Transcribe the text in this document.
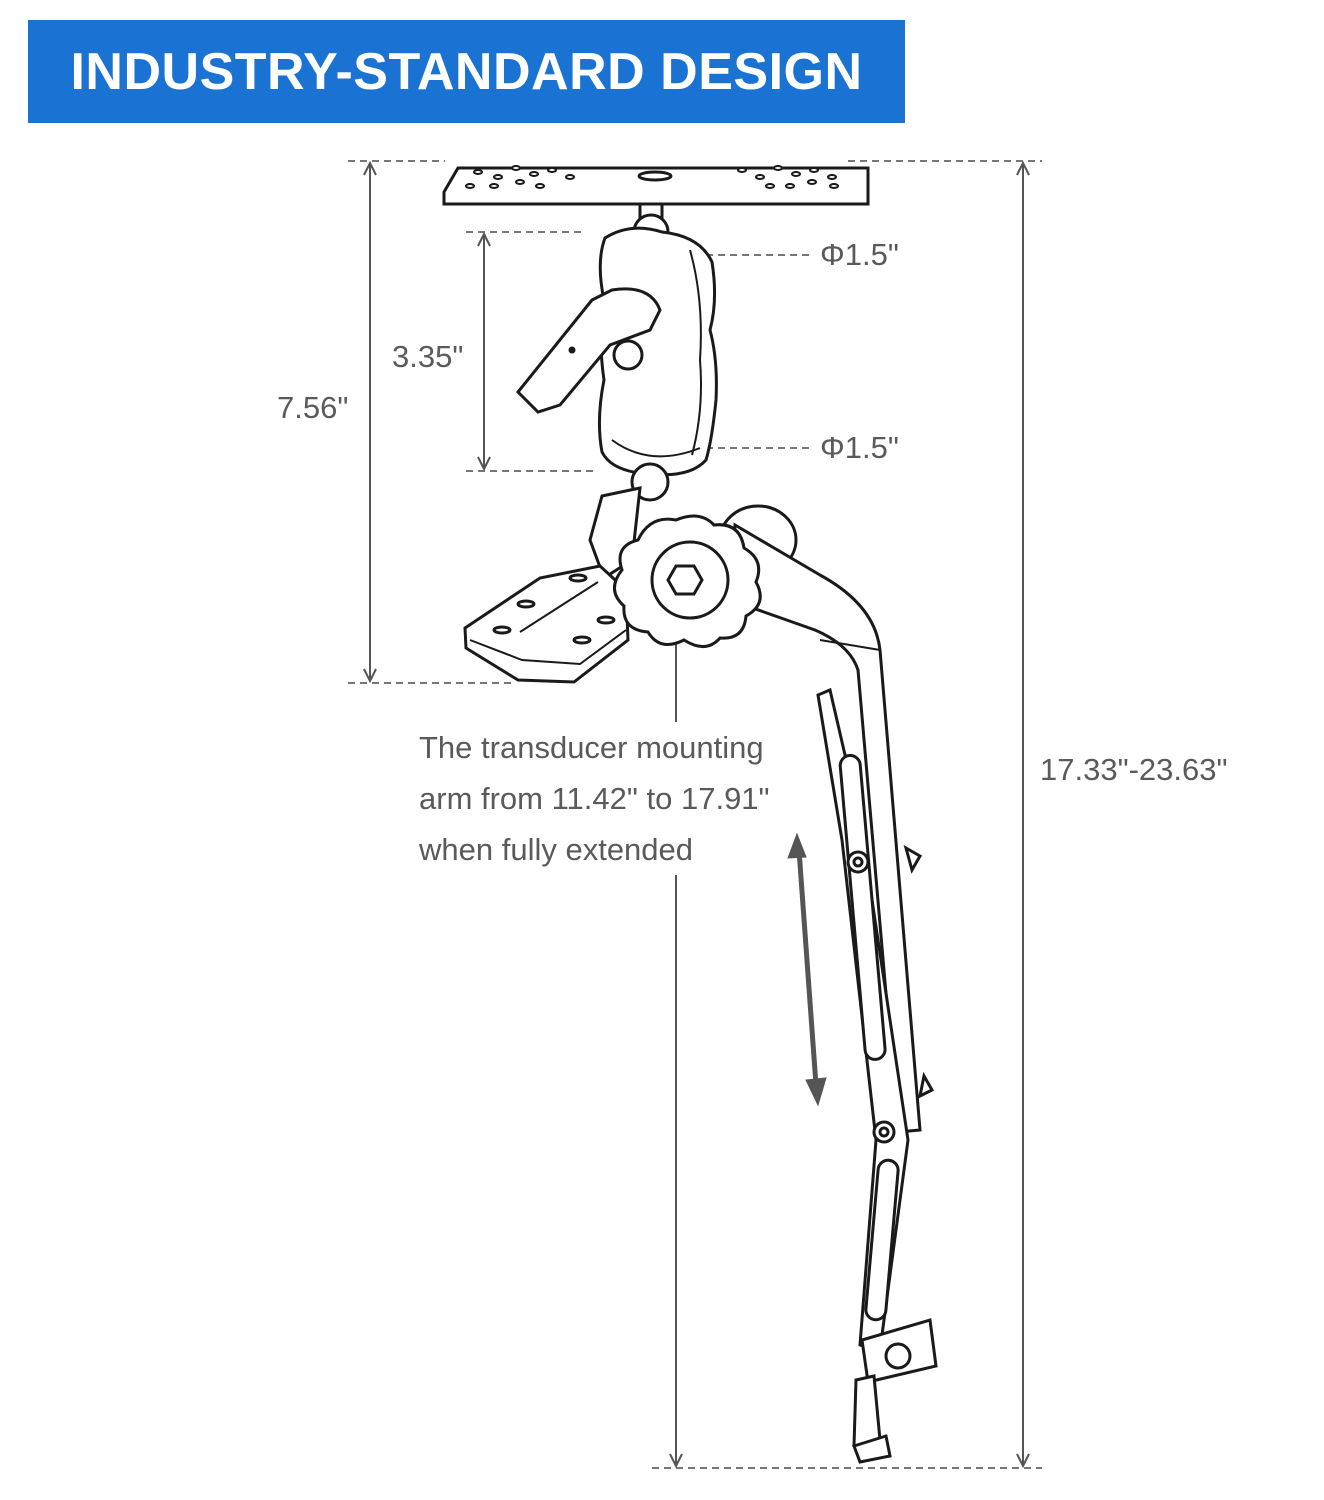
INDUSTRY-STANDARD DESIGN
7.56"
3.35"
Φ1.5"
Φ1.5"
17.33"-23.63"
The transducer mounting
arm from 11.42" to 17.91"
when fully extended
